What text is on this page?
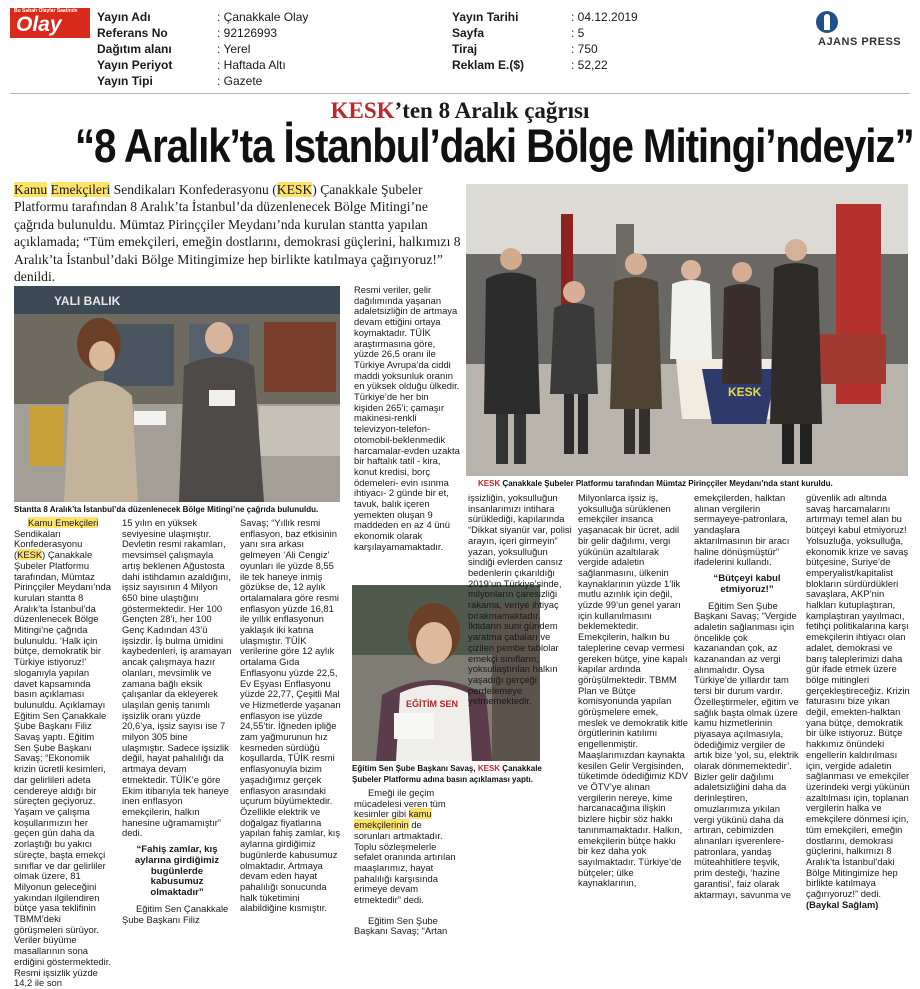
Bu Sabah Olaylar Saatinde
Olay	Yayın Adı	: Çanakkale Olay
Referans No	: 92126993
Dağıtım alanı	: Yerel
Yayın Periyot	: Haftada Altı
Yayın Tipi	: Gazete
Yayın Tarihi	: 04.12.2019
Sayfa	: 5
Tiraj	: 750
Reklam E.($)	: 52,22
AJANS PRESS
KESK’ten 8 Aralık çağrısı
“8 Aralık’ta İstanbul’daki Bölge Mitingi’ndeyiz”
Kamu Emekçileri Sendikaları Konfederasyonu (KESK) Çanakkale Şubeler Platformu tarafından 8 Aralık’ta İstanbul’da düzenlenecek Bölge Mitingi’ne çağrıda bulunuldu. Mümtaz Pirinççiler Meydanı’nda kurulan stantta yapılan açıklamada; “Tüm emekçileri, emeğin dostlarını, demokrasi güçlerini, halkımızı 8 Aralık’ta İstanbul’daki Bölge Mitingimize hep birlikte katılmaya çağırıyoruz!” denildi.
YALI BALIK
Stantta 8 Aralık’ta İstanbul’da düzenlenecek Bölge Mitingi’ne çağrıda bulunuldu.
KESK
KESK Çanakkale Şubeler Platformu tarafından Mümtaz Pirinççiler Meydanı’nda stant kuruldu.
EĞİTİM SEN
Eğitim Sen Şube Başkanı Savaş, KESK Çanakkale Şubeler Platformu adına basın açıklaması yaptı.

Kamu Emekçileri Sendikaları Konfederasyonu (KESK) Çanakkale Şubeler Platformu tarafından, Mümtaz Pirinççiler Meydanı’nda kurulan stantta 8 Aralık’ta İstanbul’da düzenlenecek Bölge Mitingi’ne çağrıda bulunuldu. ‘Halk için bütçe, demokratik bir Türkiye istiyoruz!’ sloganıyla yapılan davet kapsamında basın açıklaması bulunuldu. Açıklamayı Eğitim Sen Çanakkale Şube Başkanı Filiz Savaş yaptı. Eğitim Sen Şube Başkanı Savaş; “Ekonomik krizin ücretli kesimleri, dar gelirlileri adeta cendereye aldığı bir süreçten geçiyoruz. Yaşam ve çalışma koşullarımızın her geçen gün daha da zorlaştığı bu yakıcı süreçte, başta emekçi sınıflar ve dar gelirliler olmak üzere, 81 Milyonun geleceğini yakından ilgilendiren bütçe yasa teklifinin TBMM’deki görüşmeleri sürüyor. Veriler büyüme masallarının sona erdiğini göstermektedir. Resmi işsizlik yüzde 14,2 ile son

15 yılın en yüksek seviyesine ulaşmıştır. Devletin resmi rakamları, mevsimsel çalışmayla artış beklenen Ağustosta dahi istihdamın azaldığını, işsiz sayısının 4 Milyon 650 bine ulaştığını göstermektedir. Her 100 Gençten 28’i, her 100 Genç Kadından 43’ü işsizdir. İş bulma ümidini kaybedenleri, iş aramayan ancak çalışmaya hazır olanları, mevsimlik ve zamana bağlı eksik çalışanlar da ekleyerek ulaşılan geniş tanımlı işsizlik oranı yüzde 20,6’ya, işsiz sayısı ise 7 milyon 305 bine ulaşmıştır. Sadece işsizlik değil, hayat pahalılığı da artmaya devam etmektedir. TÜİK’e göre Ekim itibarıyla tek haneye inen enflasyon emekçilerin, halkın hanesine uğramamıştır” dedi.

“Fahiş zamlar, kış aylarına girdiğimiz bugünlerde kabusumuz olmaktadır”

Eğitim Sen Çanakkale Şube Başkanı Filiz

Savaş; “Yıllık resmi enflasyon, baz etkisinin yanı sıra arkası gelmeyen ‘Ali Cengiz’ oyunları ile yüzde 8,55 ile tek haneye inmiş gözükse de, 12 aylık ortalamalara göre resmi enflasyon yüzde 16,81 ile yıllık enflasyonun yaklaşık iki katına ulaşmıştır. TÜİK verilerine göre 12 aylık ortalama Gıda Enflasyonu yüzde 22,5, Ev Eşyası Enflasyonu yüzde 22,77, Çeşitli Mal ve Hizmetlerde yaşanan enflasyon ise yüzde 24,55’tir. İğneden ipliğe zam yağmurunun hız kesmeden sürdüğü koşullarda, TÜİK resmi enflasyonuyla bizim yaşadığımız gerçek enflasyon arasındaki uçurum büyümektedir. Özellikle elektrik ve doğalgaz fiyatlarına yapılan fahiş zamlar, kış aylarına girdiğimiz bugünlerde kabusumuz olmaktadır. Artmaya devam eden hayat pahalılığı sonucunda halk tüketimini alabildiğine kısmıştır.

Resmi veriler, gelir dağılımında yaşanan adaletsizliğin de artmaya devam ettiğini ortaya koymaktadır. TÜİK araştırmasına göre, yüzde 26,5 oranı ile Türkiye Avrupa’da ciddi maddi yoksunluk oranın en yüksek olduğu ülkedir. Türkiye’de her bin kişiden 265’i; çamaşır makinesi-renkli televizyon-telefon-otomobil-beklenmedik harcamalar-evden uzakta bir haftalık tatil - kira, konut kredisi, borç ödemeleri- evin ısınma ihtiyacı- 2 günde bir et, tavuk, balık içeren yemekten oluşan 9 maddeden en az 4 ünü ekonomik olarak karşılayamamaktadır.

Emeği ile geçim mücadelesi veren tüm kesimler gibi kamu emekçilerinin de sorunları artmaktadır. Toplu sözleşmelerle sefalet oranında artırılan maaşlarımız, hayat pahalılığı karşısında erimeye devam etmektedir” dedi.

Eğitim Sen Şube Başkanı Savaş; “Artan

işsizliğin, yoksulluğun insanlarımızı intihara sürüklediği, kapılarında “Dikkat siyanür var, polisi arayın, içeri girmeyin” yazan, yoksulluğun sindiği evlerden cansız bedenlerin çıkarıldığı 2019’un Türkiye’sinde, milyonların çaresizliği rakama, veriye ihtiyaç bırakmamaktadır. İktidarın suni gündem yaratma çabaları ve çizilen pembe tablolar emekçi sınıfların, yoksullaştırılan halkın yaşadığı gerçeği perdelemeye yetmemektedir.

Milyonlarca işsiz iş, yoksulluğa sürüklenen emekçiler insanca yaşanacak bir ücret, adil bir gelir dağılımı, vergi yükünün azaltılarak vergide adaletin sağlanmasını, ülkenin kaynaklarının yüzde 1’lik mutlu azınlık için değil, yüzde 99’un genel yararı için kullanılmasını beklemektedir. Emekçilerin, halkın bu taleplerine cevap vermesi gereken bütçe, yine kapalı kapılar ardında görüşülmektedir. TBMM Plan ve Bütçe komisyonunda yapılan görüşmelere emek, meslek ve demokratik kitle örgütlerinin katılımı engellenmiştir. Maaşlarımızdan kaynakta kesilen Gelir Vergisinden, tüketimde ödediğimiz KDV ve ÖTV’ye alınan vergilerin nereye, kime harcanacağına ilişkin bizlere hiçbir söz hakkı tanınmamaktadır. Halkın, emekçilerin bütçe hakkı bir kez daha yok sayılmaktadır. Türkiye’de bütçeler; ülke kaynaklarının,

emekçilerden, halktan alınan vergilerin sermayeye-patronlara, yandaşlara aktarılmasının bir aracı haline dönüşmüştür” ifadelerini kullandı.

“Bütçeyi kabul etmiyoruz!”

Eğitim Sen Şube Başkanı Savaş; “Vergide adaletin sağlanması için öncelikle çok kazanandan çok, az kazanandan az vergi alınmalıdır. Oysa Türkiye’de yıllardır tam tersi bir durum vardır. Özelleştirmeler, eğitim ve sağlık başta olmak üzere kamu hizmetlerinin piyasaya açılmasıyla, ödediğimiz vergiler de artık bize ‘yol, su, elektrik olarak dönmemektedir’. Bizler gelir dağılımı adaletsizliğini daha da derinleştiren, omuzlarımıza yıkılan vergi yükünü daha da artıran, cebimizden alınanları işverenlere-patronlara, yandaş müteahhitlere teşvik, prim desteği, ‘hazine garantisi’, faiz olarak aktarmayı, savunma ve

güvenlik adı altında savaş harcamalarını artırmayı temel alan bu bütçeyi kabul etmiyoruz! Yolsuzluğa, yoksulluğa, ekonomik krize ve savaş bütçesine, Suriye’de emperyalist/kapitalist blokların sürdürdükleri savaşlara, AKP’nin halkları kutuplaştıran, kamplaştıran yayılmacı, fetihçi politikalarına karşı emekçilerin ihtiyacı olan adalet, demokrasi ve barış taleplerimizi daha gür ifade etmek üzere bölge mitingleri gerçekleştireceğiz. Krizin faturasını bize yıkan değil, emekten-halktan yana bütçe, demokratik bir ülke istiyoruz. Bütçe hakkımız önündeki engellerin kaldırılması için, vergide adaletin sağlanması ve emekçiler üzerindeki vergi yükünün azaltılması için, toplanan vergilerin halka ve emekçilere dönmesi için, tüm emekçileri, emeğin dostlarını, demokrasi güçlerini, halkımızı 8 Aralık’ta İstanbul’daki Bölge Mitingimize hep birlikte katılmaya çağırıyoruz!” dedi. (Baykal Sağlam)
